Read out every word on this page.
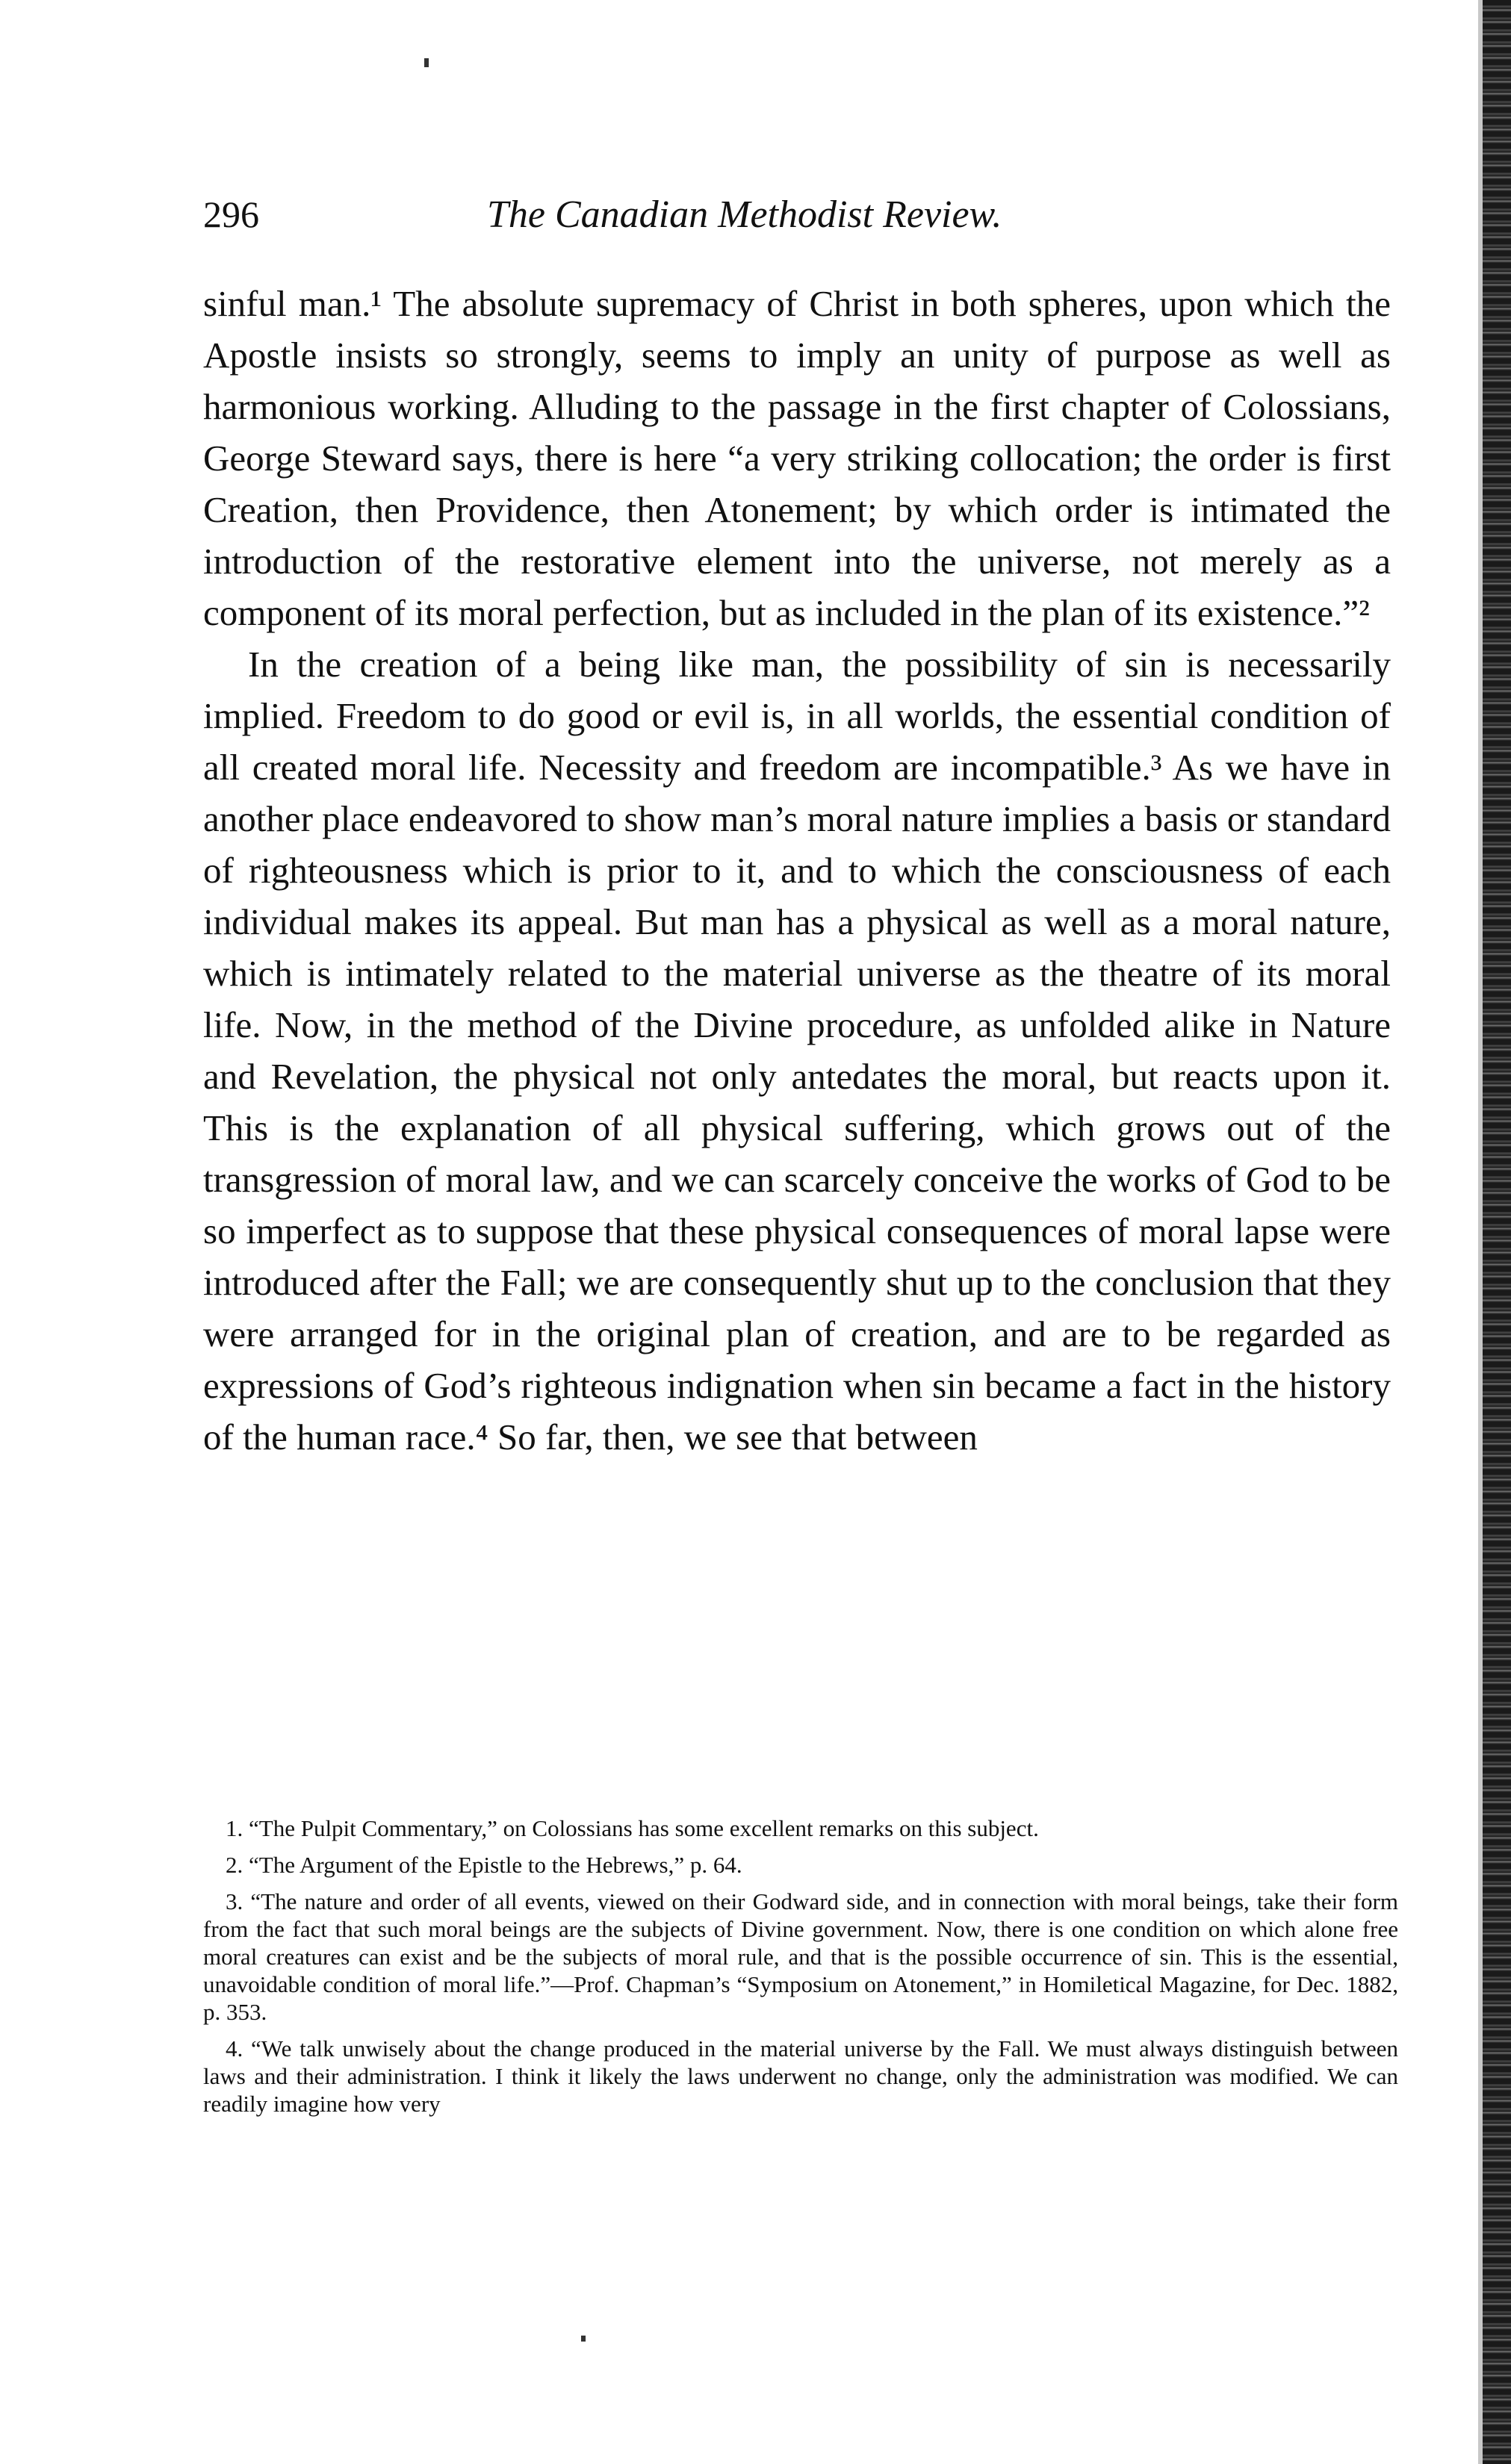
296	The Canadian Methodist Review.

sinful man.¹ The absolute supremacy of Christ in both spheres, upon which the Apostle insists so strongly, seems to imply an unity of purpose as well as harmonious working. Alluding to the passage in the first chapter of Colossians, George Steward says, there is here “a very striking collocation; the order is first Creation, then Providence, then Atonement; by which order is intimated the introduction of the restorative element into the universe, not merely as a component of its moral perfection, but as included in the plan of its existence.”²

In the creation of a being like man, the possibility of sin is necessarily implied. Freedom to do good or evil is, in all worlds, the essential condition of all created moral life. Necessity and freedom are incompatible.³ As we have in another place endeavored to show man’s moral nature implies a basis or standard of righteousness which is prior to it, and to which the consciousness of each individual makes its appeal. But man has a physical as well as a moral nature, which is intimately related to the material universe as the theatre of its moral life. Now, in the method of the Divine procedure, as unfolded alike in Nature and Revelation, the physical not only antedates the moral, but reacts upon it. This is the explanation of all physical suffering, which grows out of the transgression of moral law, and we can scarcely conceive the works of God to be so imperfect as to suppose that these physical consequences of moral lapse were introduced after the Fall; we are consequently shut up to the conclusion that they were arranged for in the original plan of creation, and are to be regarded as expressions of God’s righteous indignation when sin became a fact in the history of the human race.⁴ So far, then, we see that between

1. “The Pulpit Commentary,” on Colossians has some excellent remarks on this subject.

2. “The Argument of the Epistle to the Hebrews,” p. 64.

3. “The nature and order of all events, viewed on their Godward side, and in connection with moral beings, take their form from the fact that such moral beings are the subjects of Divine government. Now, there is one condition on which alone free moral creatures can exist and be the subjects of moral rule, and that is the possible occurrence of sin. This is the essential, unavoidable condition of moral life.”—Prof. Chapman’s “Symposium on Atonement,” in Homiletical Magazine, for Dec. 1882, p. 353.

4. “We talk unwisely about the change produced in the material universe by the Fall. We must always distinguish between laws and their administration. I think it likely the laws underwent no change, only the administration was modified. We can readily imagine how very
